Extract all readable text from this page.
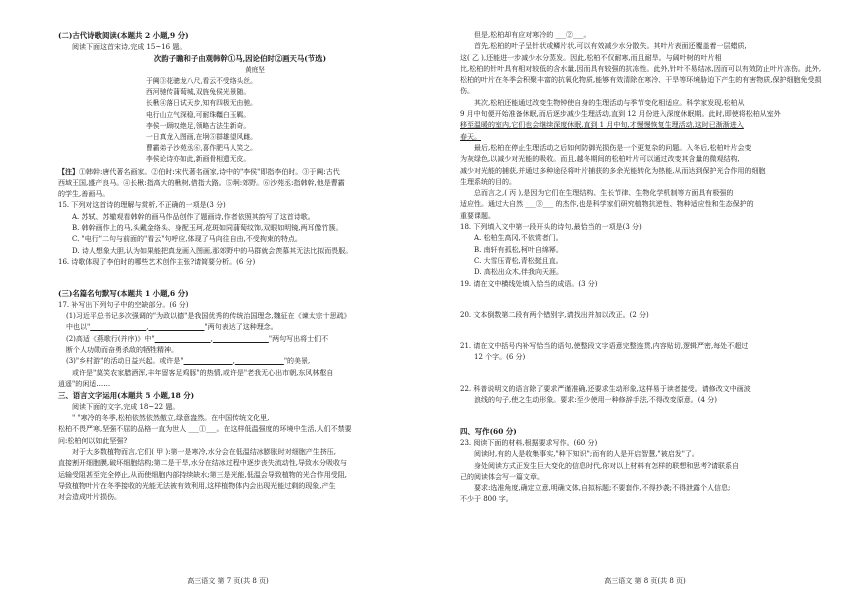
(二)古代诗歌阅读(本题共 2 小题,9 分)

阅读下面这首宋诗,完成 15~16 题。

次韵子瞻和子由观韩幹①马,因论伯时②画天马(节选)

黄庭坚

于阗③花骢龙八尺,看云不受络头丝。

西河驰传蒲萄城,双旌兔侯光景随。

长楸④落日试天步,知有四极无由驰。

电行山立气深稳,可耐珠韁白玉羁。

李侯一顾叹绝足,领略古法生新奇。

一日真龙入图画,在坰⑤群雄望风雌。

曹霸弟子沙苑丞⑥,喜作肥马人笑之。

李侯论诗亦如此,新画骨相遗无皮。

【注】①韩幹:唐代著名画家。②伯时:宋代著名画家,诗中的"李侯"即指李伯时。③于阗:古代

西域王国,盛产良马。④长楸:指高大的楸树,借指大路。⑤坰:郊野。⑥沙苑丞:指韩幹,他是曹霸

的学生,善画马。

15. 下列对这首诗的理解与赏析,不正确的一项是(3 分)

A. 苏轼、苏辙观看韩幹的画马作品创作了题画诗,作者依照其韵写了这首诗歌。

B. 韩幹画作上的马,头戴金络头、身配玉珂,花斑如同蒲萄纹饰,双眼如明镜,两耳像竹簇。

C. "电行"二句与前面的"看云"句呼应,体现了马向往自由,不受拘束的特点。

D. 诗人想象大胆,认为如果能把真龙画入图画,那郊野中的马群就会羡慕其无法比拟而畏服。

16. 诗歌体现了李伯时的哪些艺术创作主张?请简要分析。(6 分)

(三)名篇名句默写(本题共 1 小题,6 分)

17. 补写出下列句子中的空缺部分。(6 分)

(1)习近平总书记多次强调的"为政以德"是我国优秀的传统治国理念,魏征在《谏太宗十思疏》

中也以"                	,                	"两句表达了这种理念。

(2)高适《燕歌行(并序)》中"                	,                	"两句写出将士们不

断个人功勋而奋勇杀敌的牺牲精神。

(3)"乡村游"的活动日益兴起。或许是"              	,              	"的美景,

或许是"莫笑农家腊酒浑,丰年留客足鸡豚"的热情,或许是"老我无心出市朝,东风林壑自

逍遥"的闲适……

三、语言文字运用(本题共 5 小题,18 分)

阅读下面的文字,完成 18~22 题。

" "寒冷的冬季,松柏依然依然傲立,绿意盎然。在中国传统文化里,

松柏不畏严寒,坚强不屈的品格一直为世人 ___①___。在这样低温强度的环境中生活,人们不禁要

问:松柏何以如此坚强?

对于大多数植物而言,它们( 甲 ):第一是寒冷,水分会在低温结冰膨胀时对细胞产生挤压,

直接割开细胞膜,破坏细胞结构;第二是干旱,水分在结冰过程中逐步丧失流动性,导致水分吸收与

运输受阻甚至完全停止,从而使细胞内部持续缺水;第三是光能,低温会导致植物的光合作用受阻,

导致植物叶片在冬季接收的光能无法被有效利用,这样植物体内会出现光能过剩的现象,产生

对会造成叶片损伤。

高三语文 第 7 页(共 8 页)

但是,松柏却有应对寒冷的 ___②___。

首先,松柏的叶子呈针状或鳞片状,可以有效减少水分散失。其叶片表面还覆盖着一层蜡质,

这( 乙 ),还能进一步减少水分蒸发。因此,松柏不仅耐寒,而且耐旱。与阔叶树的叶片相

比,松柏的针叶具有相对较低的含水量,因而具有较强的抗冻性。此外,针叶不易结冰,因而可以有效防止叶片冻伤。此外,

松柏的叶片在冬季会积聚丰富的抗氧化物质,能够有效清除在寒冷、干旱等环境胁迫下产生的有害物质,保护细胞免受损伤。

其次,松柏还能通过改变生物钟使自身的生理活动与季节变化相适应。科学家发现,松柏从

9 月中旬便开始准备休眠,而后逐步减少生理活动,直到 12 月份进入深度休眠期。此时,即使将松柏从室外

移至温暖的室内,它们也会继续深度休眠,直到 1 月中旬,才慢慢恢复生理活动,这时已渐渐进入

春天。

最后,松柏在停止生理活动之后如何防御光损伤是一个更复杂的问题。入冬后,松柏叶片会变

为灰绿色,以减少对光能的吸收。而且,越冬期间的松柏叶片可以通过改变其含量的微观结构,

减少对光能的捕获,并通过多种途径将叶片捕获的多余光能转化为热能,从而达到保护光合作用的细胞

生理系统的目的。

总而言之,( 丙 ),是因为它们在生理结构、生长节律、生物化学机制等方面具有极强的

适应性。通过大自然 ___③___ 的杰作,也是科学家们研究植物抗逆性、物种适应性和生态保护的

重要课题。

18. 下列填入文中第一段开头的诗句,最恰当的一项是(3 分)

A. 松柏生高冈,不依赏者门。

B. 南轩有孤松,柯叶自绵幂。

C. 大雪压青松,青松挺且直。

D. 高松出众木,伴我向天涯。

19. 请在文中横线处填入恰当的成语。(3 分)

20. 文本倒数第二段有两个错别字,请找出并加以改正。(2 分)

21. 请在文中括号内补写恰当的语句,使整段文字语意完整连贯,内容贴切,逻辑严密,每处不超过

12 个字。(6 分)

22. 科普说明文的语言除了要求严谨准确,还要求生动形象,这样易于读者接受。请修改文中画波

浪线的句子,使之生动形象。要求:至少使用一种修辞手法,不得改变原意。(4 分)

四、写作(60 分)

23. 阅读下面的材料,根据要求写作。(60 分)

阅读时,有的人是收集事实,"种下知识";而有的人是开启智慧,"被启发"了。

身处阅读方式正发生巨大变化的信息时代,你对以上材料有怎样的联想和思考?请联系自

己的阅读体会写一篇文章。

要求:选准角度,确定立意,明确文体,自拟标题;不要套作,不得抄袭;不得泄露个人信息;

不少于 800 字。

高三语文 第 8 页(共 8 页)
